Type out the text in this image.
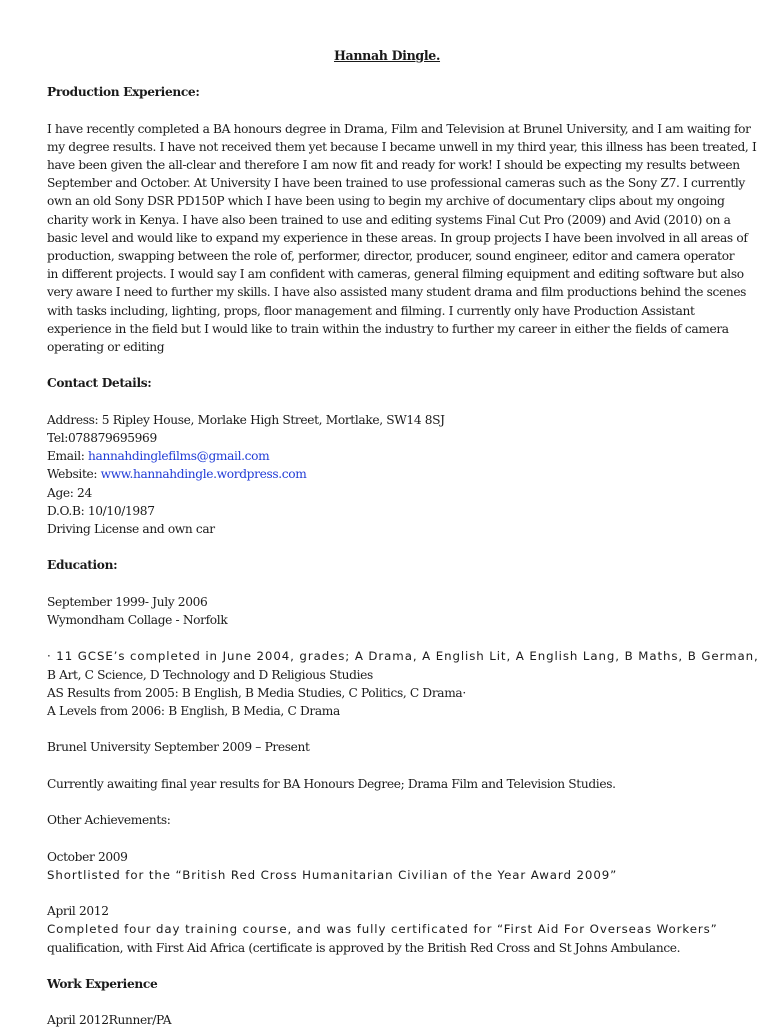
Hannah Dingle.
Production Experience:
I have recently completed a BA honours degree in Drama, Film and Television at Brunel University, and I am waiting for
my degree results. I have not received them yet because I became unwell in my third year, this illness has been treated, I
have been given the all-clear and therefore I am now fit and ready for work! I should be expecting my results between
September and October. At University I have been trained to use professional cameras such as the Sony Z7. I currently
own an old Sony DSR PD150P which I have been using to begin my archive of documentary clips about my ongoing
charity work in Kenya. I have also been trained to use and editing systems Final Cut Pro (2009) and Avid (2010) on a
basic level and would like to expand my experience in these areas. In group projects I have been involved in all areas of
production, swapping between the role of, performer, director, producer, sound engineer, editor and camera operator
in different projects. I would say I am confident with cameras, general filming equipment and editing software but also
very aware I need to further my skills. I have also assisted many student drama and film productions behind the scenes
with tasks including, lighting, props, floor management and filming. I currently only have Production Assistant
experience in the field but I would like to train within the industry to further my career in either the fields of camera
operating or editing
Contact Details:
Address: 5 Ripley House, Morlake High Street, Mortlake, SW14 8SJ
Tel:078879695969
Email: hannahdinglefilms@gmail.com
Website: www.hannahdingle.wordpress.com
Age: 24
D.O.B: 10/10/1987
Driving License and own car
Education:
September 1999- July 2006
Wymondham Collage - Norfolk
· 11 GCSE’s completed in June 2004, grades; A Drama, A English Lit, A English Lang, B Maths, B German,
B Art, C Science, D Technology and D Religious Studies
AS Results from 2005: B English, B Media Studies, C Politics, C Drama·
A Levels from 2006: B English, B Media, C Drama
Brunel University September 2009 – Present
Currently awaiting final year results for BA Honours Degree; Drama Film and Television Studies.
Other Achievements:
October 2009
Shortlisted for the “British Red Cross Humanitarian Civilian of the Year Award 2009”
April 2012
Completed four day training course, and was fully certificated for “First Aid For Overseas Workers”
qualification, with First Aid Africa (certificate is approved by the British Red Cross and St Johns Ambulance.
Work Experience
April 2012Runner/PA
